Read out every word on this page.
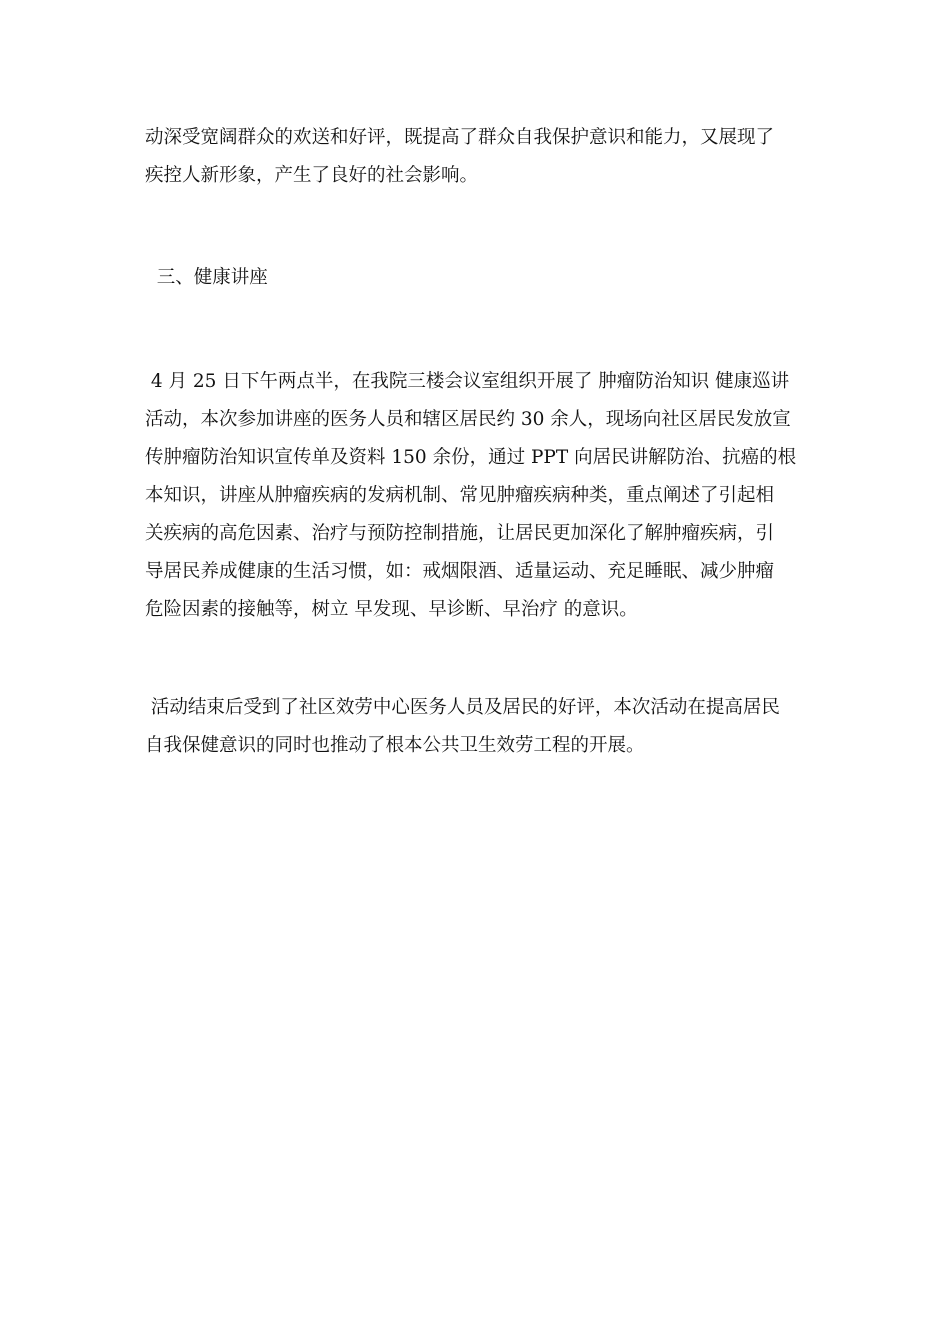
动深受宽阔群众的欢送和好评，既提高了群众自我保护意识和能力，又展现了
疾控人新形象，产生了良好的社会影响。

三、健康讲座

4 月 25 日下午两点半，在我院三楼会议室组织开展了 肿瘤防治知识 健康巡讲
活动，本次参加讲座的医务人员和辖区居民约 30 余人，现场向社区居民发放宣
传肿瘤防治知识宣传单及资料 150 余份，通过 PPT 向居民讲解防治、抗癌的根
本知识，讲座从肿瘤疾病的发病机制、常见肿瘤疾病种类，重点阐述了引起相
关疾病的高危因素、治疗与预防控制措施，让居民更加深化了解肿瘤疾病，引
导居民养成健康的生活习惯，如：戒烟限酒、适量运动、充足睡眠、减少肿瘤
危险因素的接触等，树立 早发现、早诊断、早治疗 的意识。

活动结束后受到了社区效劳中心医务人员及居民的好评，本次活动在提高居民
自我保健意识的同时也推动了根本公共卫生效劳工程的开展。
